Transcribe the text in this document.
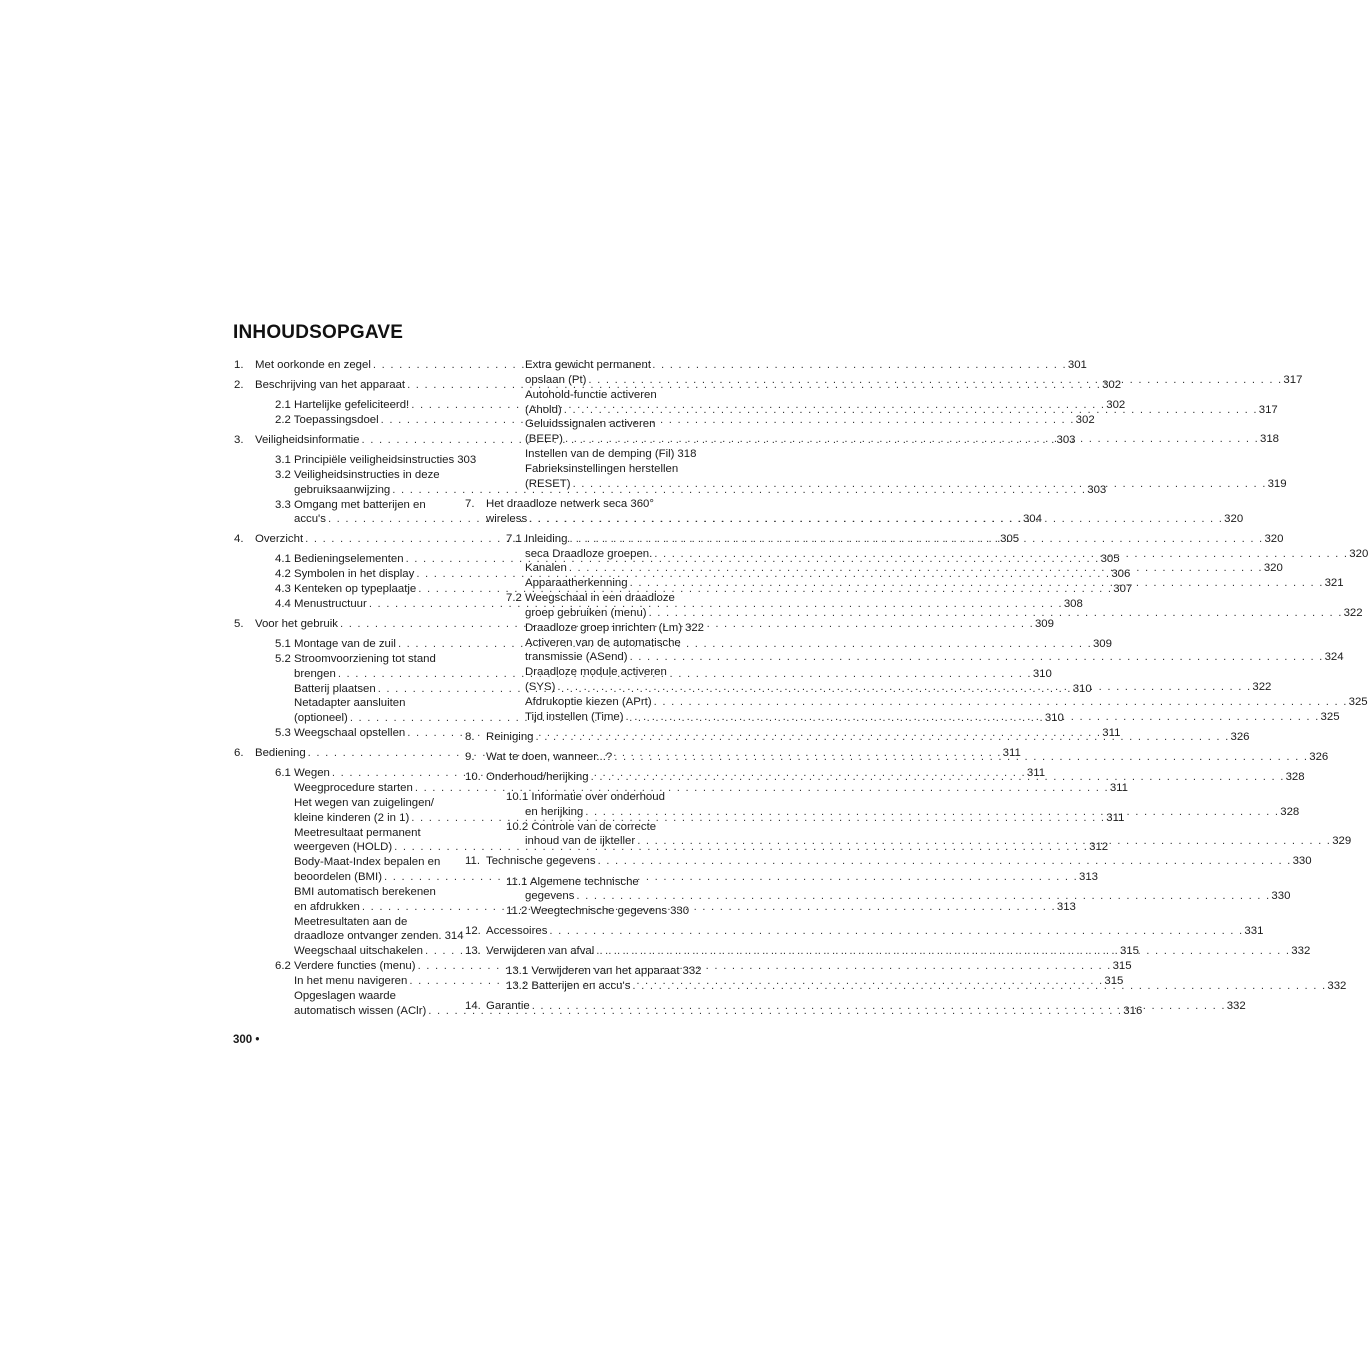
INHOUDSOPGAVE
1. Met oorkonde en zegel . . .	301
2. Beschrijving van het apparaat . . .	302
2.1 Hartelijke gefeliciteerd! . . .	302
2.2 Toepassingsdoel . . .	302
3. Veiligheidsinformatie . . .	303
3.1 Principiële veiligheidsinstructies 303
3.2 Veiligheidsinstructies in deze
gebruiksaanwijzing . . .	303
3.3 Omgang met batterijen en
accu's . . .	304
4. Overzicht . . .	305
4.1 Bedieningselementen . . .	305
4.2 Symbolen in het display . . .	306
4.3 Kenteken op typeplaatje . . .	307
4.4 Menustructuur . . .	308
5. Voor het gebruik . . .	309
5.1 Montage van de zuil . . .	309
5.2 Stroomvoorziening tot stand
brengen . . .	310
Batterij plaatsen . . .	310
Netadapter aansluiten
(optioneel) . . .	310
5.3 Weegschaal opstellen . . .	311
6. Bediening . . .	311
6.1 Wegen . . .	311
Weegprocedure starten . . .	311
Het wegen van zuigelingen/
kleine kinderen (2 in 1) . . .	311
Meetresultaat permanent
weergeven (HOLD) . . .	312
Body-Maat-Index bepalen en
beoordelen (BMI) . . .	313
BMI automatisch berekenen
en afdrukken . . .	313
Meetresultaten aan de
draadloze ontvanger zenden. 314
Weegschaal uitschakelen . . .	315
6.2 Verdere functies (menu) . . .	315
In het menu navigeren . . .	315
Opgeslagen waarde
automatisch wissen (AClr) . . .	316
Extra gewicht permanent
opslaan (Pt) . . .	317
Autohold-functie activeren
(Ahold) . . .	317
Geluidssignalen activeren
(BEEP) . . .	318
Instellen van de demping (Fil) 318
Fabrieksinstellingen herstellen
(RESET) . . .	319
7. Het draadloze netwerk seca 360°
wireless . . .	320
7.1 Inleiding . . .	320
seca Draadloze groepen. . . .	320
Kanalen . . .	320
Apparaatherkenning . . .	321
7.2 Weegschaal in een draadloze
groep gebruiken (menu) . . .	322
Draadloze groep inrichten (Lm) 322
Activeren van de automatische
transmissie (ASend) . . .	324
Draadloze module activeren
(SYS) . . .	322
Afdrukoptie kiezen (APrt) . . .	325
Tijd instellen (Time) . . .	325
8. Reiniging . . .	326
9. Wat te doen, wanneer...? . . .	326
10. Onderhoud/herijking . . .	328
10.1 Informatie over onderhoud
en herijking . . .	328
10.2 Controle van de correcte
inhoud van de ijkteller . . .	329
11. Technische gegevens . . .	330
11.1 Algemene technische
gegevens . . .	330
11.2 Weegtechnische gegevens 330
12. Accessoires . . .	331
13. Verwijderen van afval . . .	332
13.1 Verwijderen van het apparaat 332
13.2 Batterijen en accu's . . .	332
14. Garantie . . .	332
300 •
